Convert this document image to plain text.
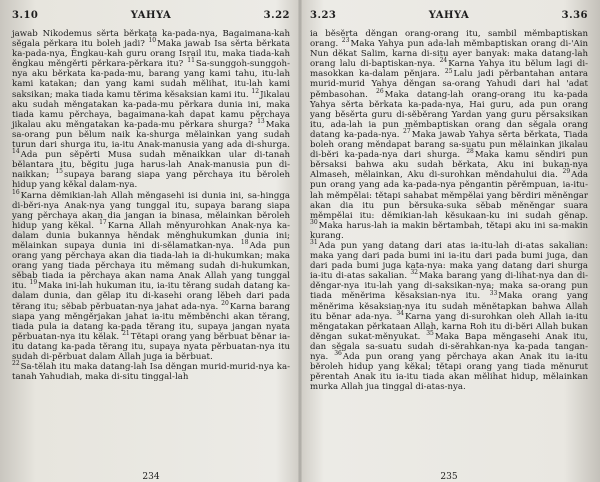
3.10	YAHYA	3.22

jawab Nikodemus sĕrta bĕrkata ka-pada-nya, Bagaimana-kah sĕgala pĕrkara itu boleh jadi? $^{10}$Maka jawab Isa sĕrta bĕrkata ka-pada-nya, Ĕngkau-kah guru orang Israil itu, maka tiada-kah ĕngkau mĕngĕrti pĕrkara-pĕrkara itu? $^{11}$Sa-sunggoh-sunggoh-nya aku bĕrkata ka-pada-mu, barang yang kami tahu, itu-lah kami katakan; dan yang kami sudah mĕlihat, itu-lah kami saksikan; maka tiada kamu tĕrima kĕsaksian kami itu. $^{12}$Jikalau aku sudah mĕngatakan ka-pada-mu pĕrkara dunia ini, maka tiada kamu pĕrchaya, bagaimana-kah dapat kamu pĕrchaya jikalau aku mĕngatakan ka-pada-mu pĕrkara shurga? $^{13}$Maka sa-orang pun bĕlum naik ka-shurga mĕlainkan yang sudah turun dari shurga itu, ia-itu Anak-manusia yang ada di-shurga. $^{14}$Ada pun sĕpĕrti Musa sudah mĕnaikkan ular di-tanah bĕlantara itu, bĕgitu juga harus-lah Anak-manusia pun di-naikkan; $^{15}$supaya barang siapa yang pĕrchaya itu bĕroleh hidup yang kĕkal dalam-nya.

$^{16}$Karna dĕmikian-lah Allah mĕngasehi isi dunia ini, sa-hingga di-bĕri-nya Anak-nya yang tunggal itu, supaya barang siapa yang pĕrchaya akan dia jangan ia binasa, mĕlainkan bĕroleh hidup yang kĕkal. $^{17}$Karna Allah mĕnyurohkan Anak-nya ka-dalam dunia bukannya hĕndak mĕnghukumkan dunia ini; mĕlainkan supaya dunia ini di-sĕlamatkan-nya. $^{18}$Ada pun orang yang pĕrchaya akan dia tiada-lah ia di-hukumkan; maka orang yang tiada pĕrchaya itu mĕmang sudah di-hukumkan, sĕbab tiada ia pĕrchaya akan nama Anak Allah yang tunggal itu. $^{19}$Maka ini-lah hukuman itu, ia-itu tĕrang sudah datang ka-dalam dunia, dan gĕlap itu di-kasehi orang lĕbeh dari pada tĕrang itu; sĕbab pĕrbuatan-nya jahat ada-nya. $^{20}$Karna barang siapa yang mĕngĕrjakan jahat ia-itu mĕmbĕnchi akan tĕrang, tiada pula ia datang ka-pada tĕrang itu, supaya jangan nyata pĕrbuatan-nya itu kĕlak. $^{21}$Tĕtapi orang yang bĕrbuat bĕnar ia-itu datang ka-pada tĕrang itu, supaya nyata pĕrbuatan-nya itu sudah di-pĕrbuat dalam Allah juga ia bĕrbuat.

$^{22}$Sa-tĕlah itu maka datang-lah Isa dĕngan murid-murid-nya ka-tanah Yahudiah, maka di-situ tinggal-lah

234
3.23	YAHYA	3.36

ia bĕsĕrta dĕngan orang-orang itu, sambil mĕmbaptiskan orang. $^{23}$Maka Yahya pun ada-lah mĕmbaptiskan orang di-'Ain Nun dĕkat Salim, karna di-situ ayer banyak: maka datang-lah orang lalu di-baptiskan-nya. $^{24}$Karna Yahya itu bĕlum lagi di-masokkan ka-dalam pĕnjara. $^{25}$Lalu jadi pĕrbantahan antara murid-murid Yahya dĕngan sa-orang Yahudi dari hal 'adat pĕmbasohan. $^{26}$Maka datang-lah orang-orang itu ka-pada Yahya sĕrta bĕrkata ka-pada-nya, Hai guru, ada pun orang yang bĕsĕrta guru di-sĕbĕrang Yardan yang guru pĕrsaksikan itu, ada-lah ia pun mĕmbaptiskan orang dan sĕgala orang datang ka-pada-nya. $^{27}$Maka jawab Yahya sĕrta bĕrkata, Tiada boleh orang mĕndapat barang sa-suatu pun mĕlainkan jikalau di-bĕri ka-pada-nya dari shurga. $^{28}$Maka kamu sĕndiri pun bĕrsaksi bahwa aku sudah bĕrkata, Aku ini bukan-nya Almaseh, mĕlainkan, Aku di-surohkan mĕndahului dia. $^{29}$Ada pun orang yang ada ka-pada-nya pĕngantin pĕrĕmpuan, ia-itu-lah mĕmpĕlai: tĕtapi sahabat mĕmpĕlai yang bĕrdiri mĕnĕngar akan dia itu pun bĕrsuka-suka sĕbab mĕnĕngar suara mĕmpĕlai itu: dĕmikian-lah kĕsukaan-ku ini sudah gĕnap. $^{30}$Maka harus-lah ia makin bĕrtambah, tĕtapi aku ini sa-makin kurang.

$^{31}$Ada pun yang datang dari atas ia-itu-lah di-atas sakalian: maka yang dari pada bumi ini ia-itu dari pada bumi juga, dan dari pada bumi juga kata-nya: maka yang datang dari shurga ia-itu di-atas sakalian. $^{32}$Maka barang yang di-lihat-nya dan di-dĕngar-nya itu-lah yang di-saksikan-nya; maka sa-orang pun tiada mĕnĕrima kĕsaksian-nya itu. $^{33}$Maka orang yang mĕnĕrima kĕsaksian-nya itu sudah mĕnĕtapkan bahwa Allah itu bĕnar ada-nya. $^{34}$Karna yang di-surohkan oleh Allah ia-itu mĕngatakan pĕrkataan Allah, karna Roh itu di-bĕri Allah bukan dĕngan sukat-mĕnyukat. $^{35}$Maka Bapa mĕngasehi Anak itu, dan sĕgala sa-suatu sudah di-sĕrahkan-nya ka-pada tangan-nya. $^{36}$Ada pun orang yang pĕrchaya akan Anak itu ia-itu bĕroleh hidup yang kĕkal; tĕtapi orang yang tiada mĕnurut pĕrentah Anak itu ia-itu tiada akan mĕlihat hidup, mĕlainkan murka Allah jua tinggal di-atas-nya.

235
